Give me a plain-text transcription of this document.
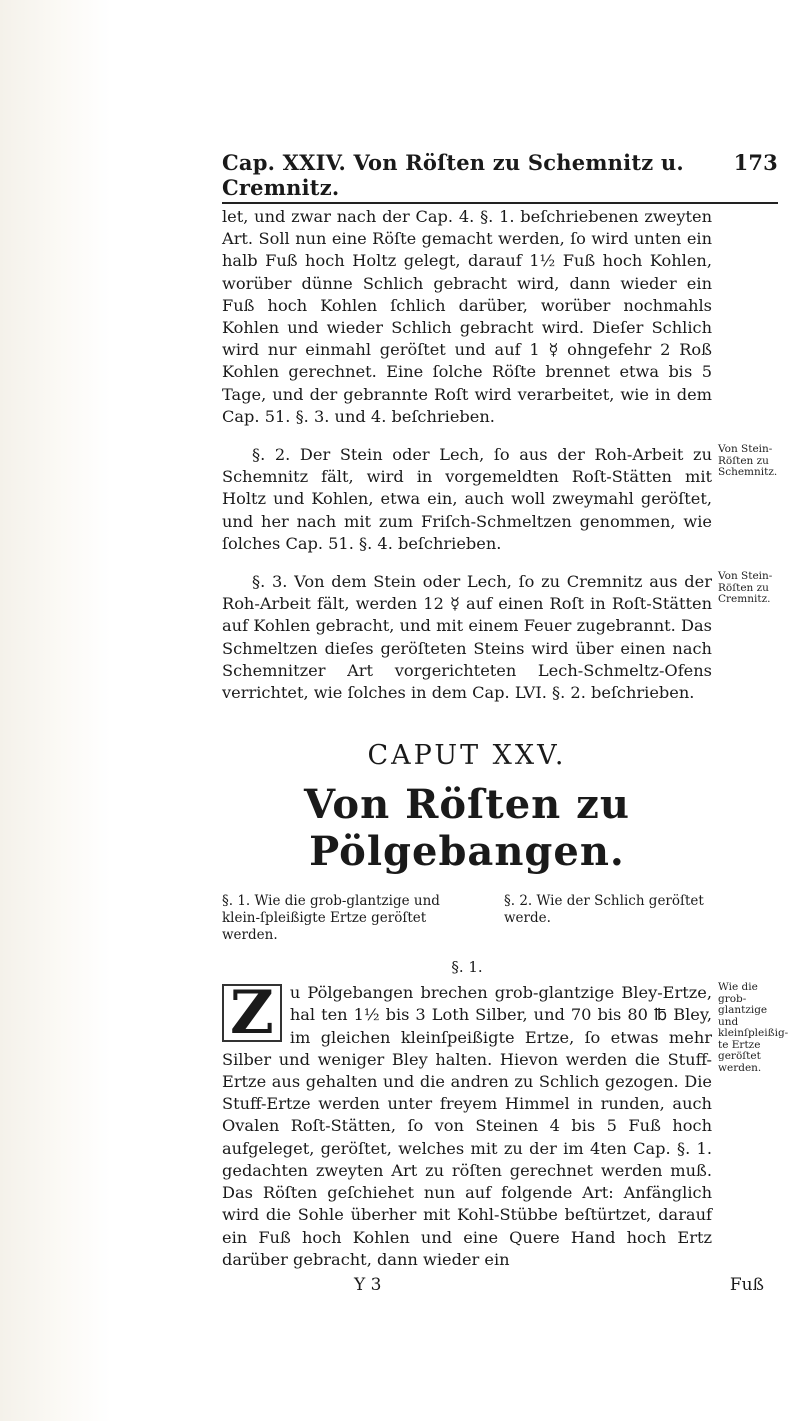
Cap. XXIV. Von Röſten zu Schemnitz u. Cremnitz.
173

let, und zwar nach der Cap. 4. §. 1. beſchriebenen zweyten Art. Soll nun eine Röſte gemacht werden, ſo wird unten ein halb Fuß hoch Holtz gelegt, darauf 1½ Fuß hoch Kohlen, worüber dünne Schlich gebracht wird, dann wieder ein Fuß hoch Kohlen ſchlich darüber, worüber nochmahls Kohlen und wieder Schlich gebracht wird. Dieſer Schlich wird nur einmahl geröſtet und auf 1 ☿ ohngefehr 2 Roß Kohlen gerechnet. Eine ſolche Röſte brennet etwa bis 5 Tage, und der gebrannte Roſt wird verarbeitet, wie in dem Cap. 51. §. 3. und 4. beſchrieben.

§. 2. Der Stein oder Lech, ſo aus der Roh-Arbeit zu Schemnitz fält, wird in vorgemeldten Roſt-Stätten mit Holtz und Kohlen, etwa ein, auch woll zweymahl geröſtet, und her nach mit zum Friſch-Schmeltzen genommen, wie ſolches Cap. 51. §. 4. beſchrieben.

Von Stein-Röſten zu Schemnitz.

§. 3. Von dem Stein oder Lech, ſo zu Cremnitz aus der Roh-Arbeit fält, werden 12 ☿ auf einen Roſt in Roſt-Stätten auf Kohlen gebracht, und mit einem Feuer zugebrannt. Das Schmeltzen dieſes geröſteten Steins wird über einen nach Schemnitzer Art vorgerichteten Lech-Schmeltz-Ofens verrichtet, wie ſolches in dem Cap. LVI. §. 2. beſchrieben.

Von Stein-Röſten zu Cremnitz.
CAPUT XXV.
Von Röſten zu Pölgebangen.
§. 1. Wie die grob-glantzige und klein-ſpleißigte Ertze geröſtet werden.
§. 2. Wie der Schlich geröſtet werde.
§. 1.
Z u Pölgebangen brechen grob-glantzige Bley-Ertze, hal ten 1½ bis 3 Loth Silber, und 70 bis 80 ℔ Bley, im gleichen kleinſpeißigte Ertze, ſo etwas mehr Silber und weniger Bley halten. Hievon werden die Stuff-Ertze aus gehalten und die andren zu Schlich gezogen. Die Stuff-Ertze werden unter freyem Himmel in runden, auch Ovalen Roſt-Stätten, ſo von Steinen 4 bis 5 Fuß hoch aufgeleget, geröſtet, welches mit zu der im 4ten Cap. §. 1. gedachten zweyten Art zu röſten gerechnet werden muß. Das Röſten geſchiehet nun auf folgende Art: Anfänglich wird die Sohle überher mit Kohl-Stübbe beſtürtzet, darauf ein Fuß hoch Kohlen und eine Quere Hand hoch Ertz darüber gebracht, dann wieder ein

Wie die grob-glantzige und kleinſpleißig-te Ertze geröſtet werden.
Y 3	Fuß
